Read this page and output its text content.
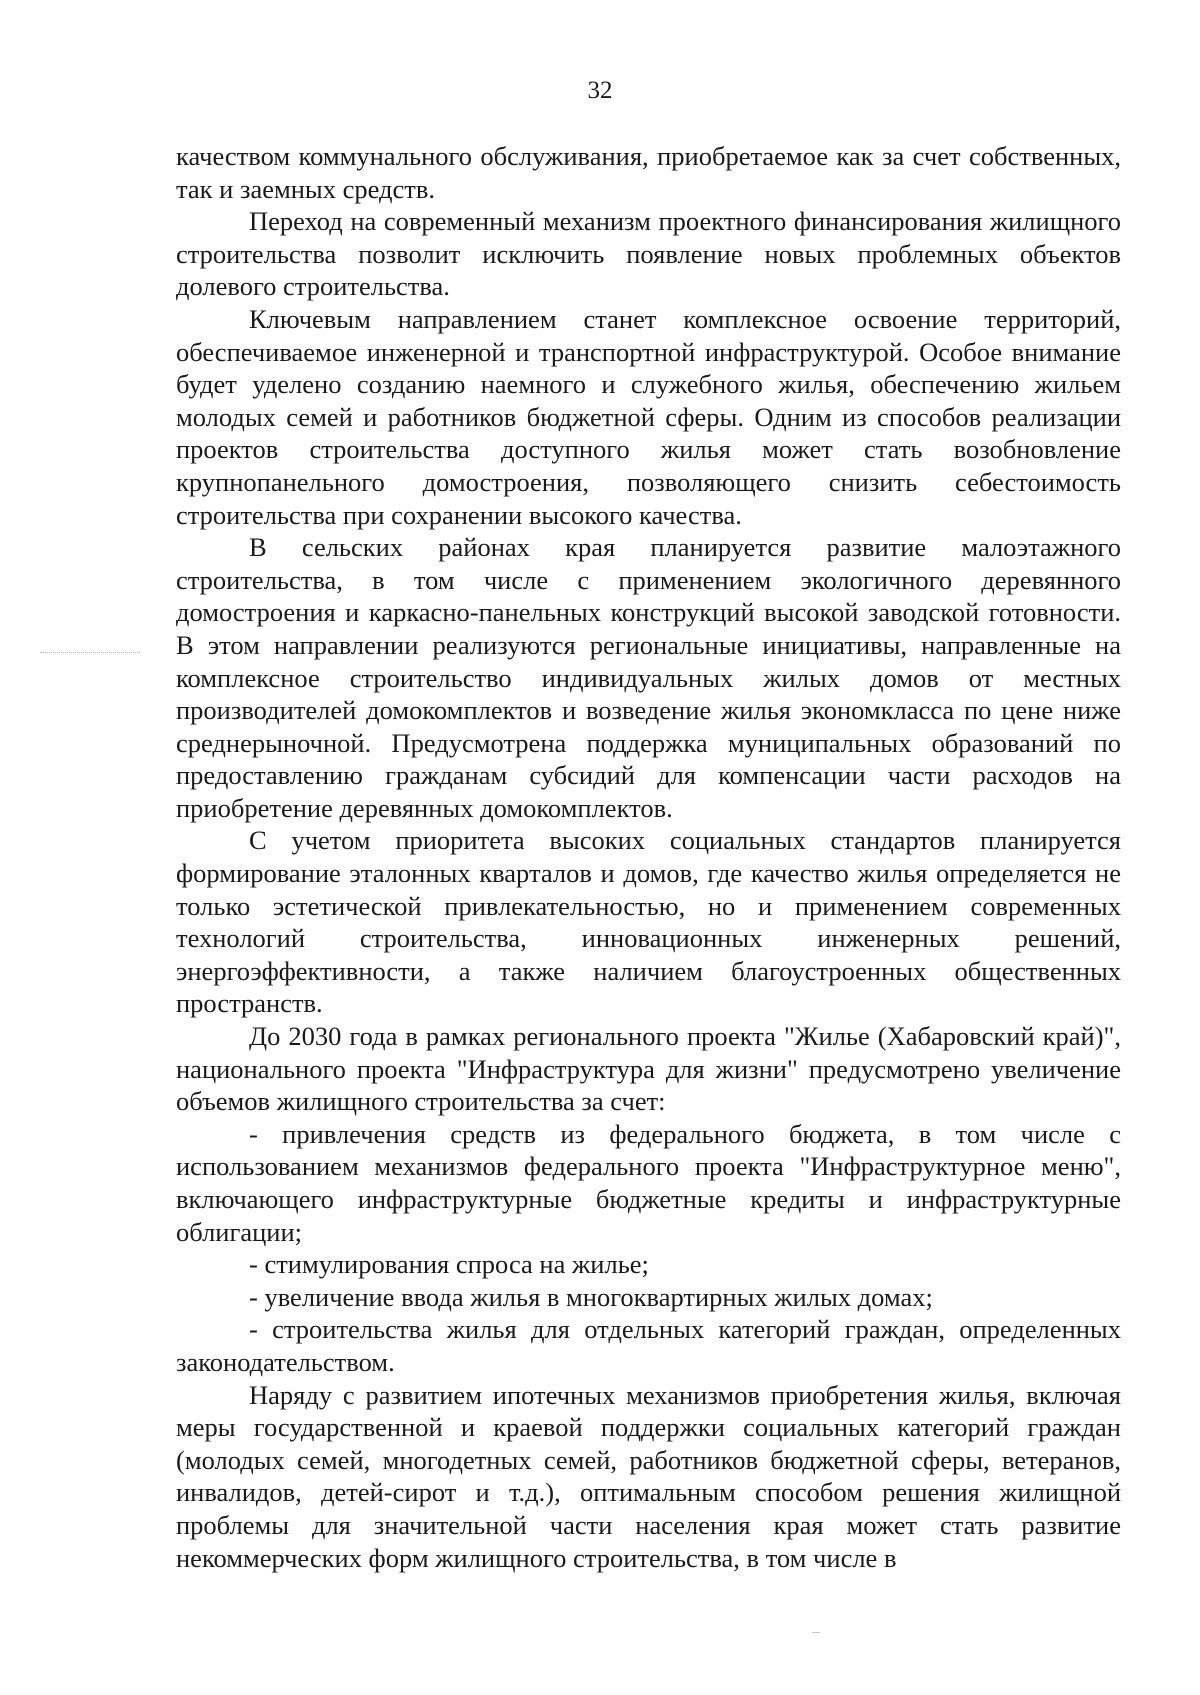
32

качеством коммунального обслуживания, приобретаемое как за счет собственных, так и заемных средств.

Переход на современный механизм проектного финансирования жилищного строительства позволит исключить появление новых проблемных объектов долевого строительства.

Ключевым направлением станет комплексное освоение территорий, обеспечиваемое инженерной и транспортной инфраструктурой. Особое внимание будет уделено созданию наемного и служебного жилья, обеспечению жильем молодых семей и работников бюджетной сферы. Одним из способов реализации проектов строительства доступного жилья может стать возобновление крупнопанельного домостроения, позволяющего снизить себестоимость строительства при сохранении высокого качества.

В сельских районах края планируется развитие малоэтажного строительства, в том числе с применением экологичного деревянного домостроения и каркасно-панельных конструкций высокой заводской готовности. В этом направлении реализуются региональные инициативы, направленные на комплексное строительство индивидуальных жилых домов от местных производителей домокомплектов и возведение жилья экономкласса по цене ниже среднерыночной. Предусмотрена поддержка муниципальных образований по предоставлению гражданам субсидий для компенсации части расходов на приобретение деревянных домокомплектов.

С учетом приоритета высоких социальных стандартов планируется формирование эталонных кварталов и домов, где качество жилья определяется не только эстетической привлекательностью, но и применением современных технологий строительства, инновационных инженерных решений, энергоэффективности, а также наличием благоустроенных общественных пространств.

До 2030 года в рамках регионального проекта "Жилье (Хабаровский край)", национального проекта "Инфраструктура для жизни" предусмотрено увеличение объемов жилищного строительства за счет:

- привлечения средств из федерального бюджета, в том числе с использованием механизмов федерального проекта "Инфраструктурное меню", включающего инфраструктурные бюджетные кредиты и инфраструктурные облигации;

- стимулирования спроса на жилье;

- увеличение ввода жилья в многоквартирных жилых домах;

- строительства жилья для отдельных категорий граждан, определенных законодательством.

Наряду с развитием ипотечных механизмов приобретения жилья, включая меры государственной и краевой поддержки социальных категорий граждан (молодых семей, многодетных семей, работников бюджетной сферы, ветеранов, инвалидов, детей-сирот и т.д.), оптимальным способом решения жилищной проблемы для значительной части населения края может стать развитие некоммерческих форм жилищного строительства, в том числе в
